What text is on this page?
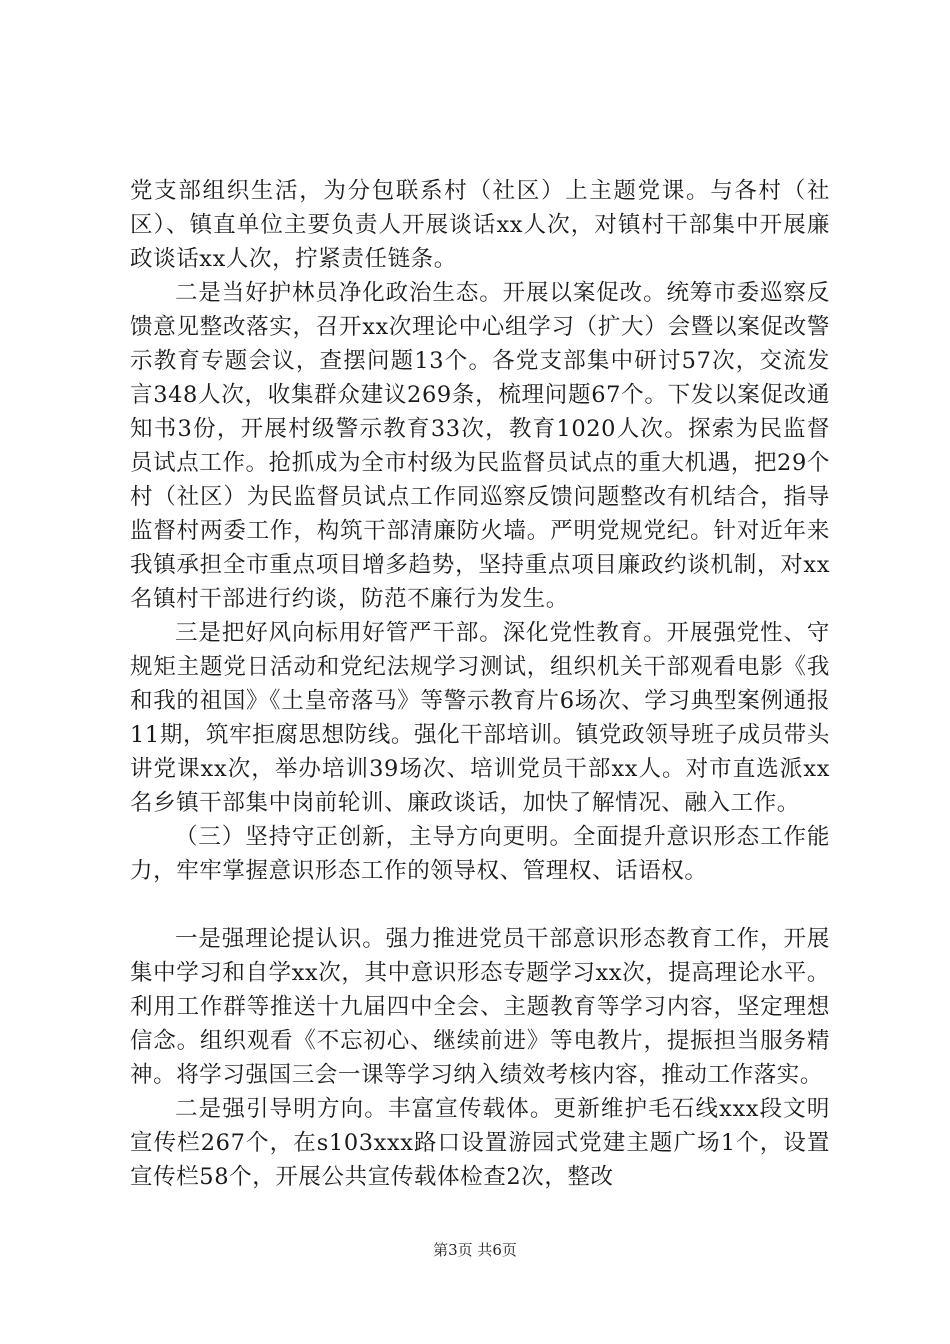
党支部组织生活，为分包联系村（社区）上主题党课。与各村（社区）、镇直单位主要负责人开展谈话xx人次，对镇村干部集中开展廉政谈话xx人次，拧紧责任链条。

二是当好护林员净化政治生态。开展以案促改。统筹市委巡察反馈意见整改落实，召开xx次理论中心组学习（扩大）会暨以案促改警示教育专题会议，查摆问题13个。各党支部集中研讨57次，交流发言348人次，收集群众建议269条，梳理问题67个。下发以案促改通知书3份，开展村级警示教育33次，教育1020人次。探索为民监督员试点工作。抢抓成为全市村级为民监督员试点的重大机遇，把29个村（社区）为民监督员试点工作同巡察反馈问题整改有机结合，指导监督村两委工作，构筑干部清廉防火墙。严明党规党纪。针对近年来我镇承担全市重点项目增多趋势，坚持重点项目廉政约谈机制，对xx名镇村干部进行约谈，防范不廉行为发生。

三是把好风向标用好管严干部。深化党性教育。开展强党性、守规矩主题党日活动和党纪法规学习测试，组织机关干部观看电影《我和我的祖国》《土皇帝落马》等警示教育片6场次、学习典型案例通报11期，筑牢拒腐思想防线。强化干部培训。镇党政领导班子成员带头讲党课xx次，举办培训39场次、培训党员干部xx人。对市直选派xx名乡镇干部集中岗前轮训、廉政谈话，加快了解情况、融入工作。

（三）坚持守正创新，主导方向更明。全面提升意识形态工作能力，牢牢掌握意识形态工作的领导权、管理权、话语权。

一是强理论提认识。强力推进党员干部意识形态教育工作，开展集中学习和自学xx次，其中意识形态专题学习xx次，提高理论水平。利用工作群等推送十九届四中全会、主题教育等学习内容，坚定理想信念。组织观看《不忘初心、继续前进》等电教片，提振担当服务精神。将学习强国三会一课等学习纳入绩效考核内容，推动工作落实。

二是强引导明方向。丰富宣传载体。更新维护毛石线xxx段文明宣传栏267个，在s103xxx路口设置游园式党建主题广场1个，设置宣传栏58个，开展公共宣传载体检查2次，整改

第3页 共6页
